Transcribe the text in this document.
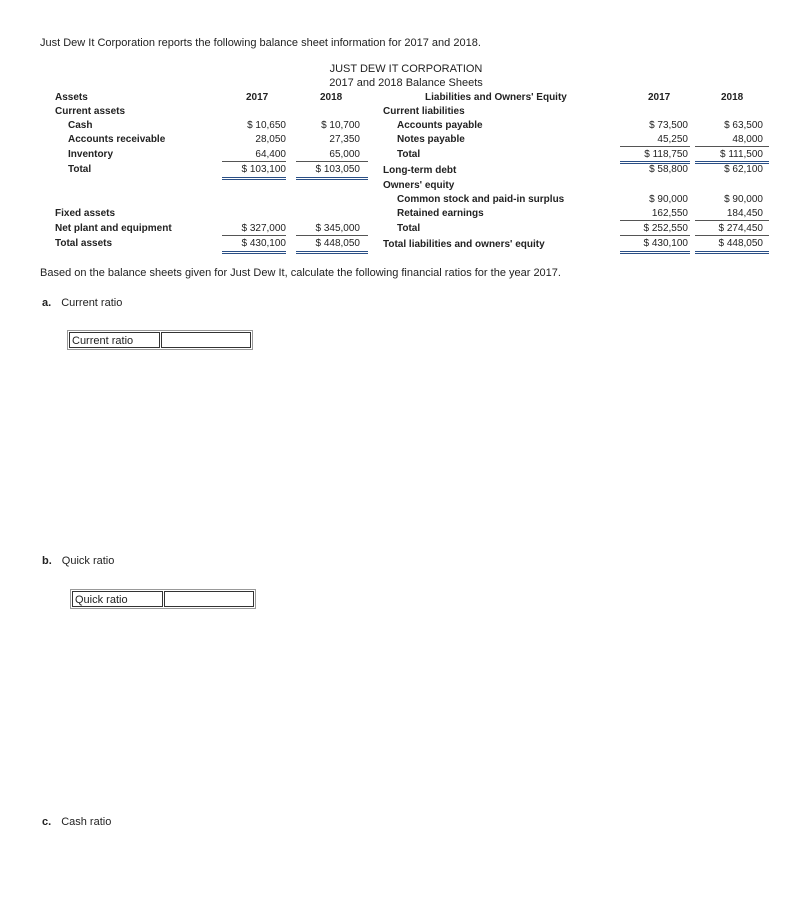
Just Dew It Corporation reports the following balance sheet information for 2017 and 2018.
JUST DEW IT CORPORATION
2017 and 2018 Balance Sheets
Assets	2017	2018	Liabilities and Owners' Equity	2017	2018
Current assets
Cash	$ 10,650	$ 10,700
Accounts receivable	28,050	27,350
Inventory	64,400	65,000
Total	$ 103,100	$ 103,050
Fixed assets
Net plant and equipment	$ 327,000	$ 345,000
Total assets	$ 430,100	$ 448,050
Current liabilities
Accounts payable	$ 73,500	$ 63,500
Notes payable	45,250	48,000
Total	$ 118,750	$ 111,500
Long-term debt	$ 58,800	$ 62,100
Owners' equity
Common stock and paid-in surplus	$ 90,000	$ 90,000
Retained earnings	162,550	184,450
Total	$ 252,550	$ 274,450
Total liabilities and owners' equity	$ 430,100	$ 448,050
Based on the balance sheets given for Just Dew It, calculate the following financial ratios for the year 2017.
a. Current ratio
Current ratio
b. Quick ratio
Quick ratio
c. Cash ratio
